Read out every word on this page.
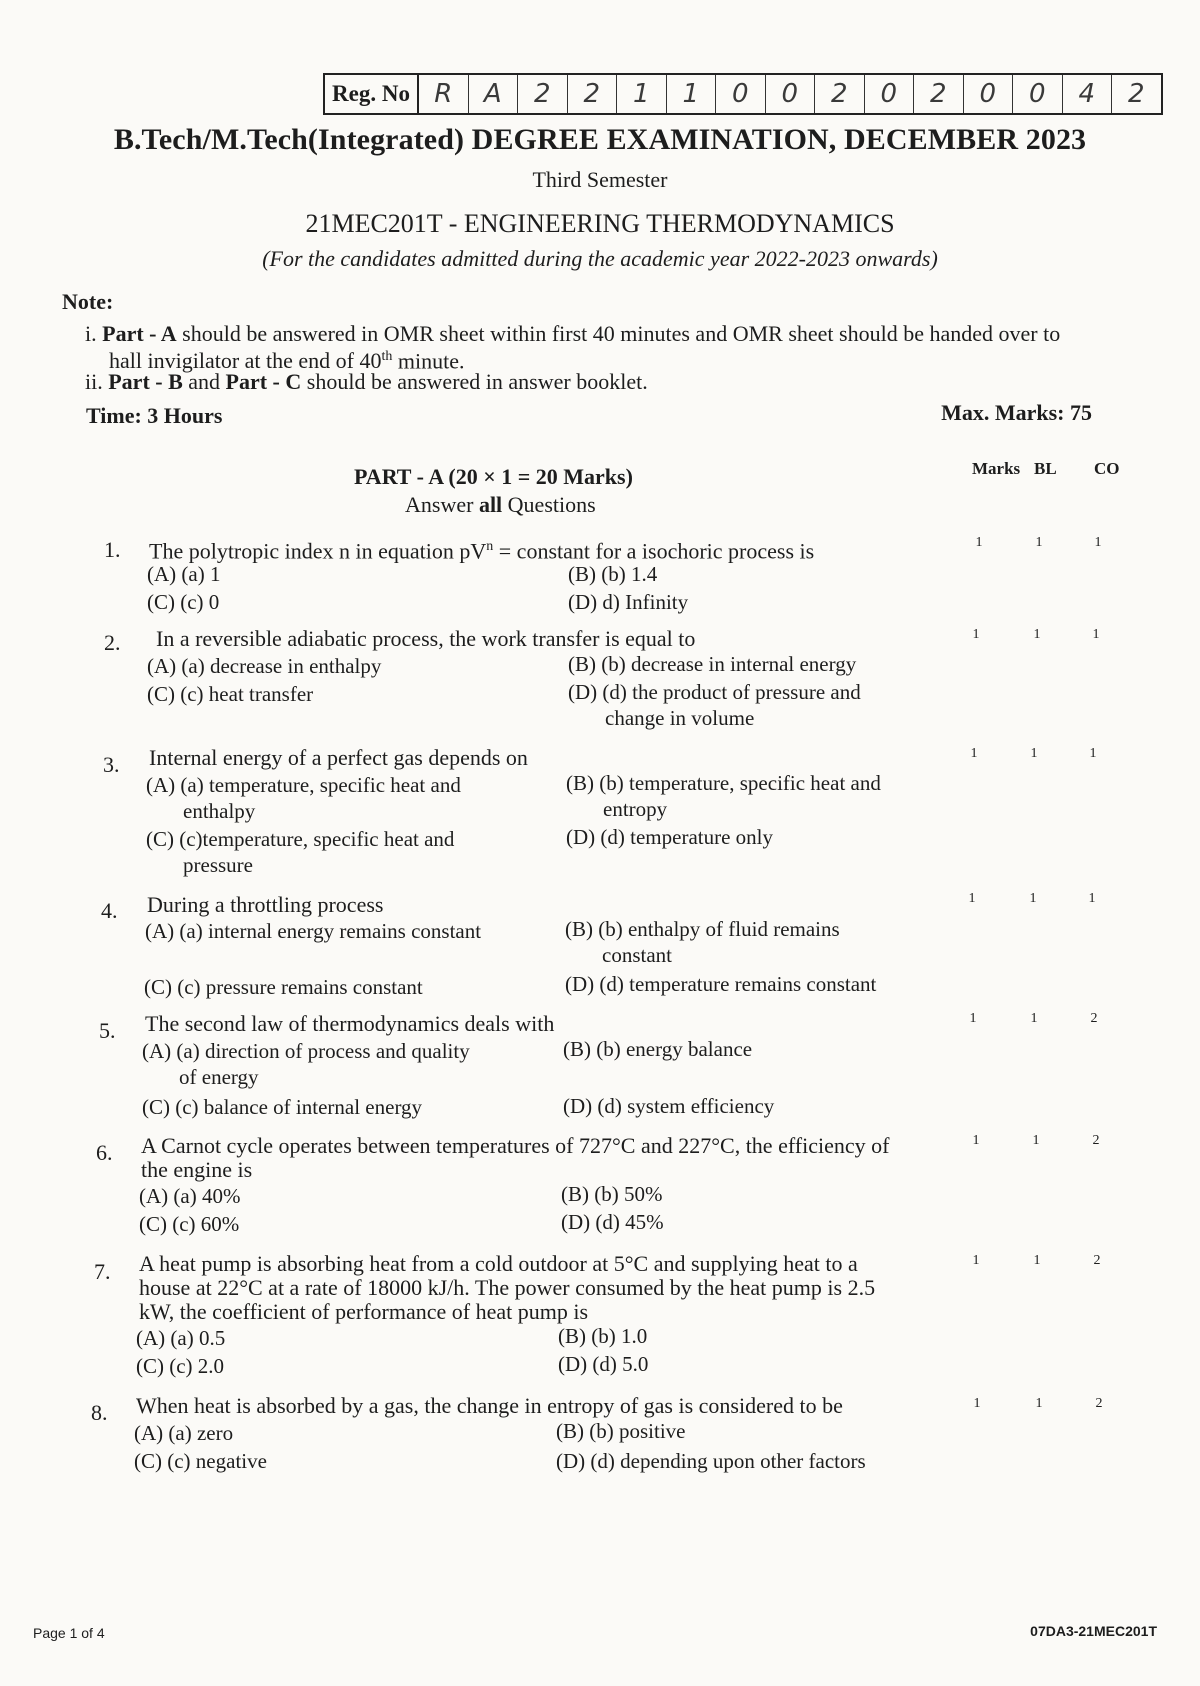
Reg. No R	A	2	2	1	1	0	0	2	0	2	0	0	4	2
B.Tech/M.Tech(Integrated) DEGREE EXAMINATION, DECEMBER 2023
Third Semester
21MEC201T - ENGINEERING THERMODYNAMICS
(For the candidates admitted during the academic year 2022-2023 onwards)
Note:
i. Part - A should be answered in OMR sheet within first 40 minutes and OMR sheet should be handed over to
hall invigilator at the end of 40th minute.
ii. Part - B and Part - C should be answered in answer booklet.
Time: 3 Hours	Max. Marks: 75
PART - A (20 × 1 = 20 Marks)
Answer all Questions
Marks BL CO
1. The polytropic index n in equation $pV^n$ = constant for a isochoric process is
(A) (a) 1	(B) (b) 1.4
(C) (c) 0	(D) d) Infinity
1	1	1
2. In a reversible adiabatic process, the work transfer is equal to
(A) (a) decrease in enthalpy	(B) (b) decrease in internal energy
(C) (c) heat transfer	(D) (d) the product of pressure and
change in volume
1	1	1
3. Internal energy of a perfect gas depends on
(A) (a) temperature, specific heat and
enthalpy
(B) (b) temperature, specific heat and
entropy
(C) (c)temperature, specific heat and
pressure
(D) (d) temperature only
1	1	1
4. During a throttling process
(A) (a) internal energy remains constant	(B) (b) enthalpy of fluid remains
constant
(C) (c) pressure remains constant	(D) (d) temperature remains constant
1	1	1
5. The second law of thermodynamics deals with
(A) (a) direction of process and quality
of energy
(B) (b) energy balance
(C) (c) balance of internal energy	(D) (d) system efficiency
1	1	2
6. A Carnot cycle operates between temperatures of 727°C and 227°C, the efficiency of
the engine is
(A) (a) 40%	(B) (b) 50%
(C) (c) 60%	(D) (d) 45%
1	1	2
7. A heat pump is absorbing heat from a cold outdoor at 5°C and supplying heat to a
house at 22°C at a rate of 18000 kJ/h. The power consumed by the heat pump is 2.5
kW, the coefficient of performance of heat pump is
(A) (a) 0.5	(B) (b) 1.0
(C) (c) 2.0	(D) (d) 5.0
1	1	2
8. When heat is absorbed by a gas, the change in entropy of gas is considered to be
(A) (a) zero	(B) (b) positive
(C) (c) negative	(D) (d) depending upon other factors
1	1	2
Page 1 of 4	07DA3-21MEC201T
